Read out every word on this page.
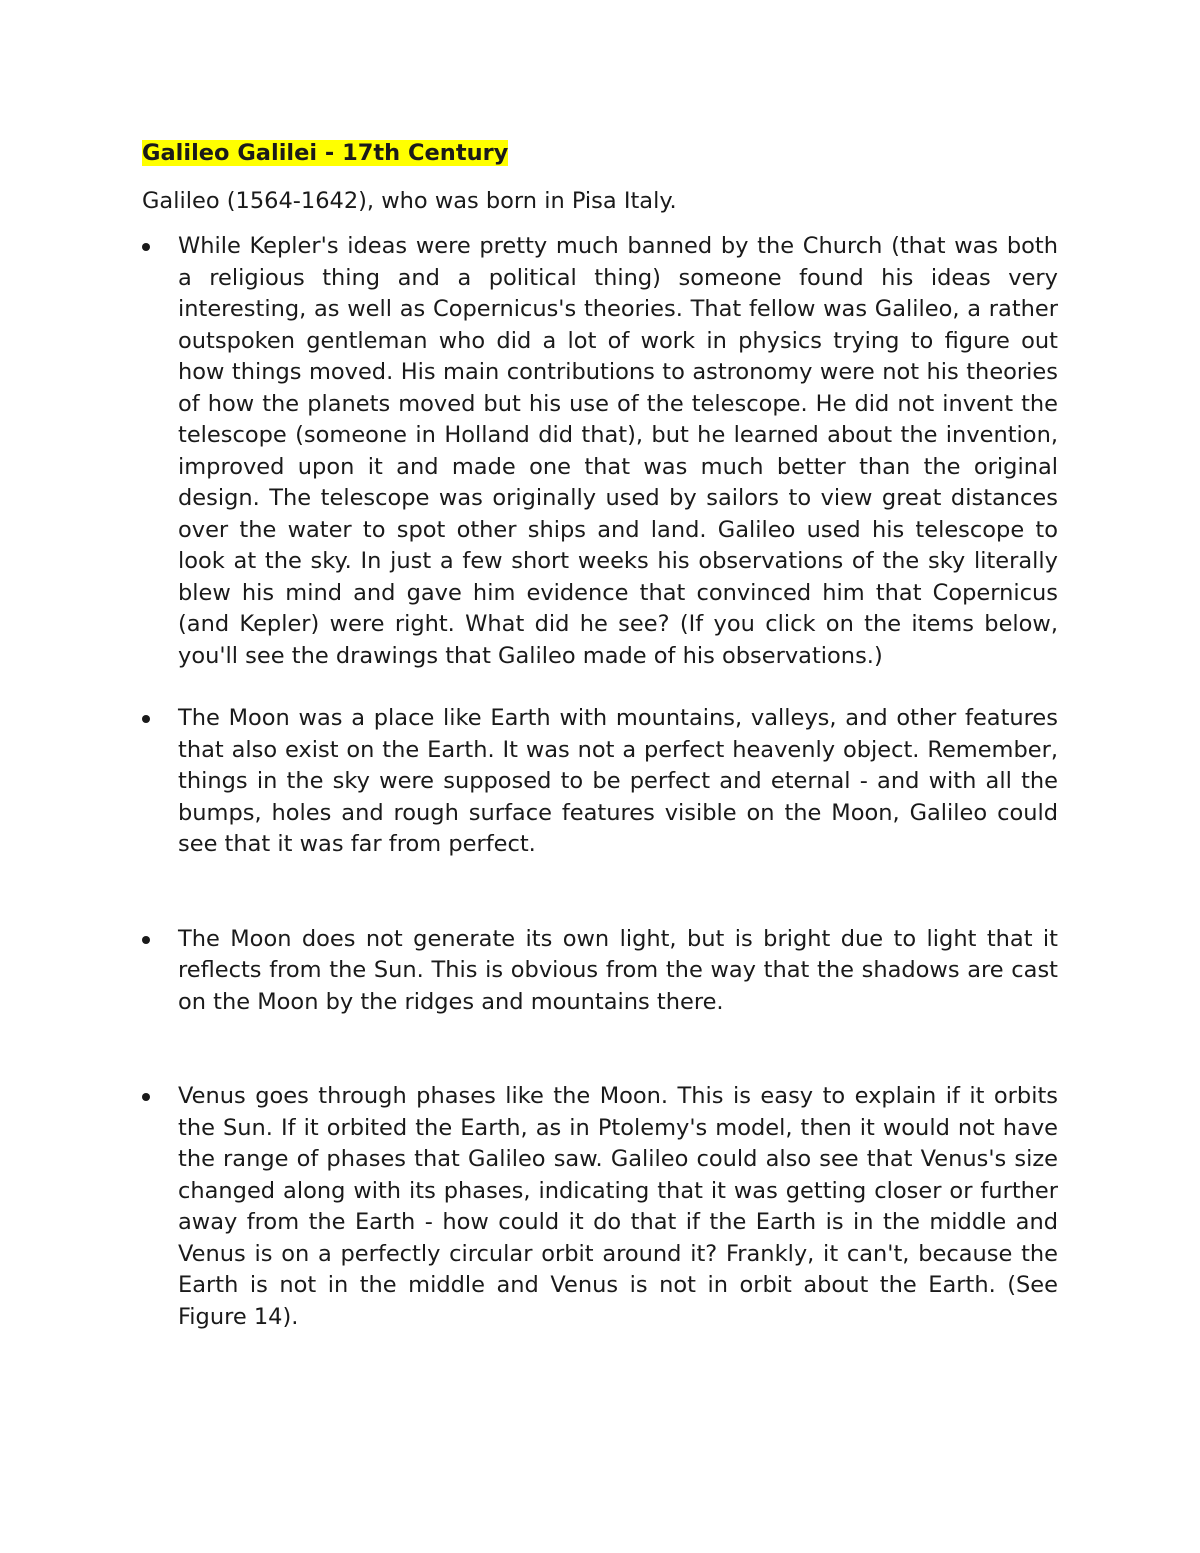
Galileo Galilei - 17th Century

Galileo (1564-1642), who was born in Pisa Italy.

While Kepler's ideas were pretty much banned by the Church (that was both a religious thing and a political thing) someone found his ideas very interesting, as well as Copernicus's theories. That fellow was Galileo, a rather outspoken gentleman who did a lot of work in physics trying to figure out how things moved. His main contributions to astronomy were not his theories of how the planets moved but his use of the telescope. He did not invent the telescope (someone in Holland did that), but he learned about the invention, improved upon it and made one that was much better than the original design. The telescope was originally used by sailors to view great distances over the water to spot other ships and land. Galileo used his telescope to look at the sky. In just a few short weeks his observations of the sky literally blew his mind and gave him evidence that convinced him that Copernicus (and Kepler) were right. What did he see? (If you click on the items below, you'll see the drawings that Galileo made of his observations.)
The Moon was a place like Earth with mountains, valleys, and other features that also exist on the Earth. It was not a perfect heavenly object. Remember, things in the sky were supposed to be perfect and eternal - and with all the bumps, holes and rough surface features visible on the Moon, Galileo could see that it was far from perfect.
The Moon does not generate its own light, but is bright due to light that it reflects from the Sun. This is obvious from the way that the shadows are cast on the Moon by the ridges and mountains there.
Venus goes through phases like the Moon. This is easy to explain if it orbits the Sun. If it orbited the Earth, as in Ptolemy's model, then it would not have the range of phases that Galileo saw. Galileo could also see that Venus's size changed along with its phases, indicating that it was getting closer or further away from the Earth - how could it do that if the Earth is in the middle and Venus is on a perfectly circular orbit around it? Frankly, it can't, because the Earth is not in the middle and Venus is not in orbit about the Earth. (See Figure 14).
